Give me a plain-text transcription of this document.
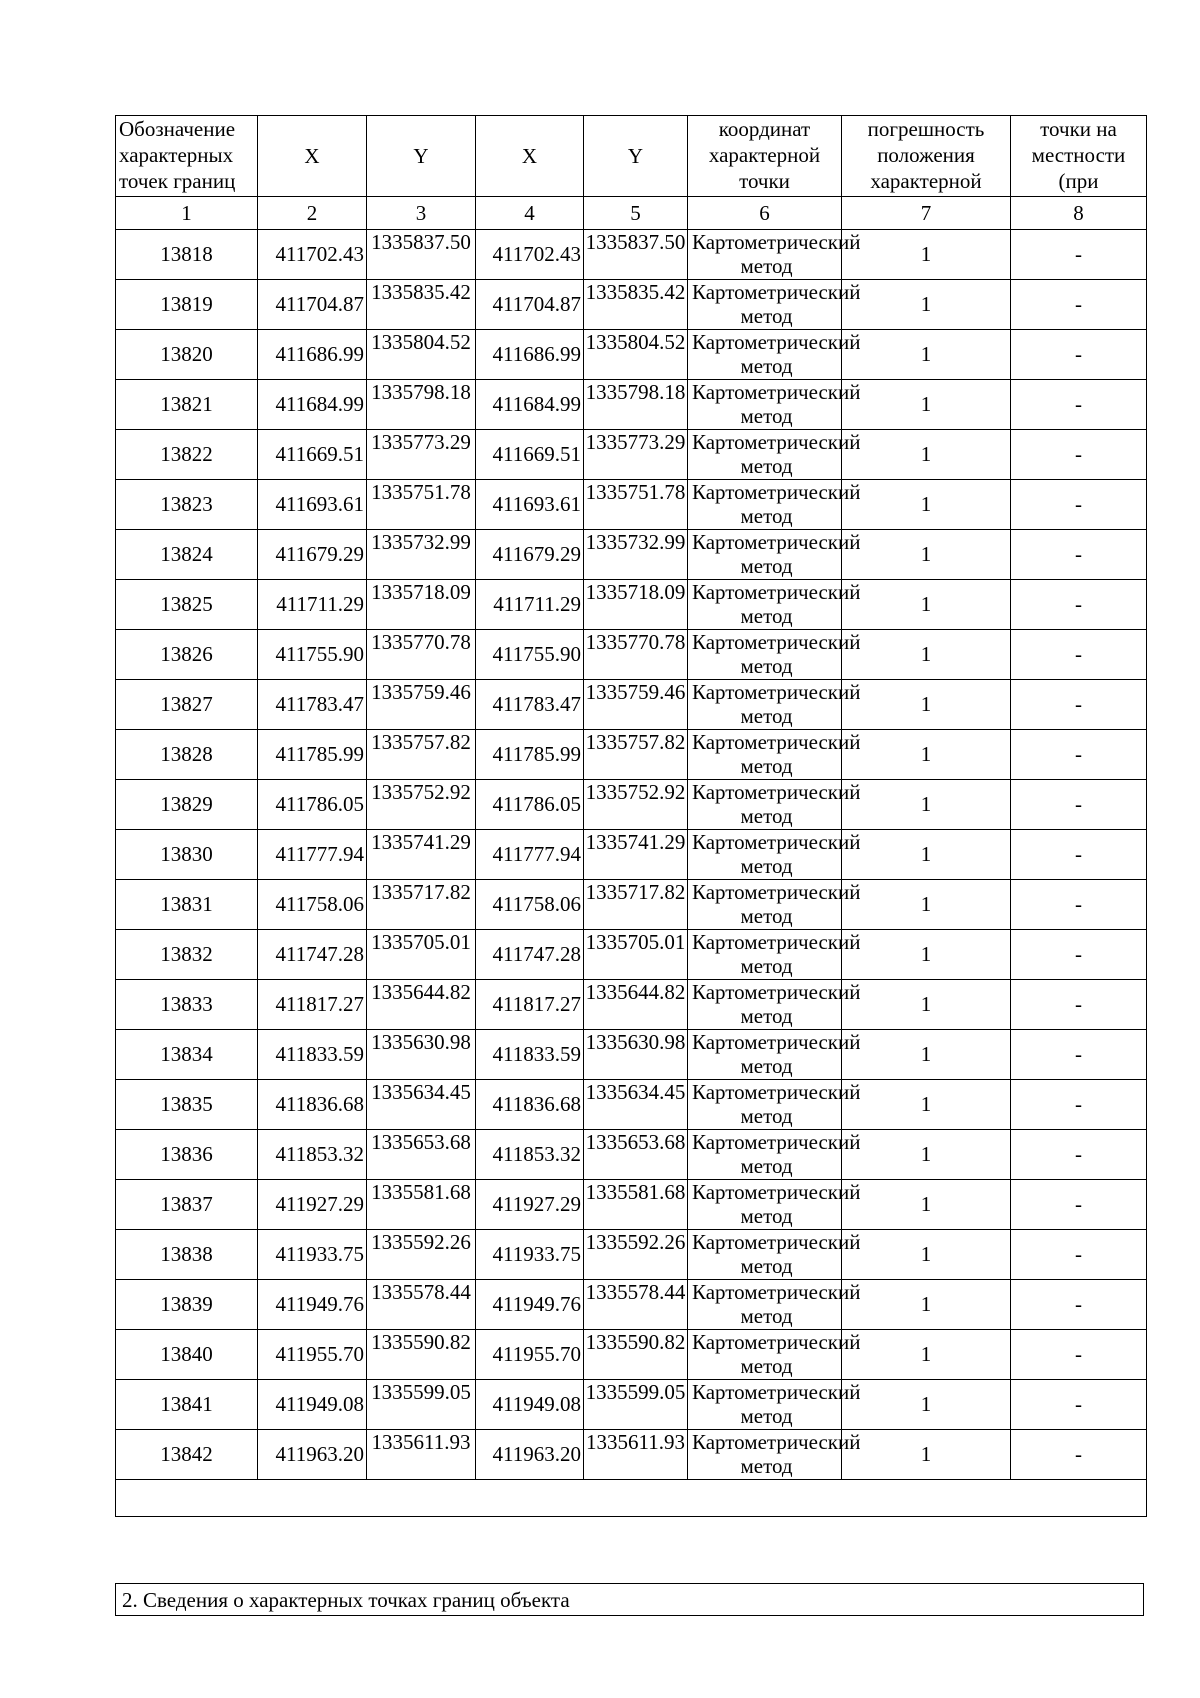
Обозначение характерных точек границ	X	Y	X	Y	координат характерной точки	погрешность положения характерной	точки на местности (при

1	2	3	4	5	6	7	8
13818	411702.43	1335837.50	411702.43	1335837.50	Картометрический метод	1	-
13819	411704.87	1335835.42	411704.87	1335835.42	Картометрический метод	1	-
13820	411686.99	1335804.52	411686.99	1335804.52	Картометрический метод	1	-
13821	411684.99	1335798.18	411684.99	1335798.18	Картометрический метод	1	-
13822	411669.51	1335773.29	411669.51	1335773.29	Картометрический метод	1	-
13823	411693.61	1335751.78	411693.61	1335751.78	Картометрический метод	1	-
13824	411679.29	1335732.99	411679.29	1335732.99	Картометрический метод	1	-
13825	411711.29	1335718.09	411711.29	1335718.09	Картометрический метод	1	-
13826	411755.90	1335770.78	411755.90	1335770.78	Картометрический метод	1	-
13827	411783.47	1335759.46	411783.47	1335759.46	Картометрический метод	1	-
13828	411785.99	1335757.82	411785.99	1335757.82	Картометрический метод	1	-
13829	411786.05	1335752.92	411786.05	1335752.92	Картометрический метод	1	-
13830	411777.94	1335741.29	411777.94	1335741.29	Картометрический метод	1	-
13831	411758.06	1335717.82	411758.06	1335717.82	Картометрический метод	1	-
13832	411747.28	1335705.01	411747.28	1335705.01	Картометрический метод	1	-
13833	411817.27	1335644.82	411817.27	1335644.82	Картометрический метод	1	-
13834	411833.59	1335630.98	411833.59	1335630.98	Картометрический метод	1	-
13835	411836.68	1335634.45	411836.68	1335634.45	Картометрический метод	1	-
13836	411853.32	1335653.68	411853.32	1335653.68	Картометрический метод	1	-
13837	411927.29	1335581.68	411927.29	1335581.68	Картометрический метод	1	-
13838	411933.75	1335592.26	411933.75	1335592.26	Картометрический метод	1	-
13839	411949.76	1335578.44	411949.76	1335578.44	Картометрический метод	1	-
13840	411955.70	1335590.82	411955.70	1335590.82	Картометрический метод	1	-
13841	411949.08	1335599.05	411949.08	1335599.05	Картометрический метод	1	-
13842	411963.20	1335611.93	411963.20	1335611.93	Картометрический метод	1	-

2. Сведения о характерных точках границ объекта
